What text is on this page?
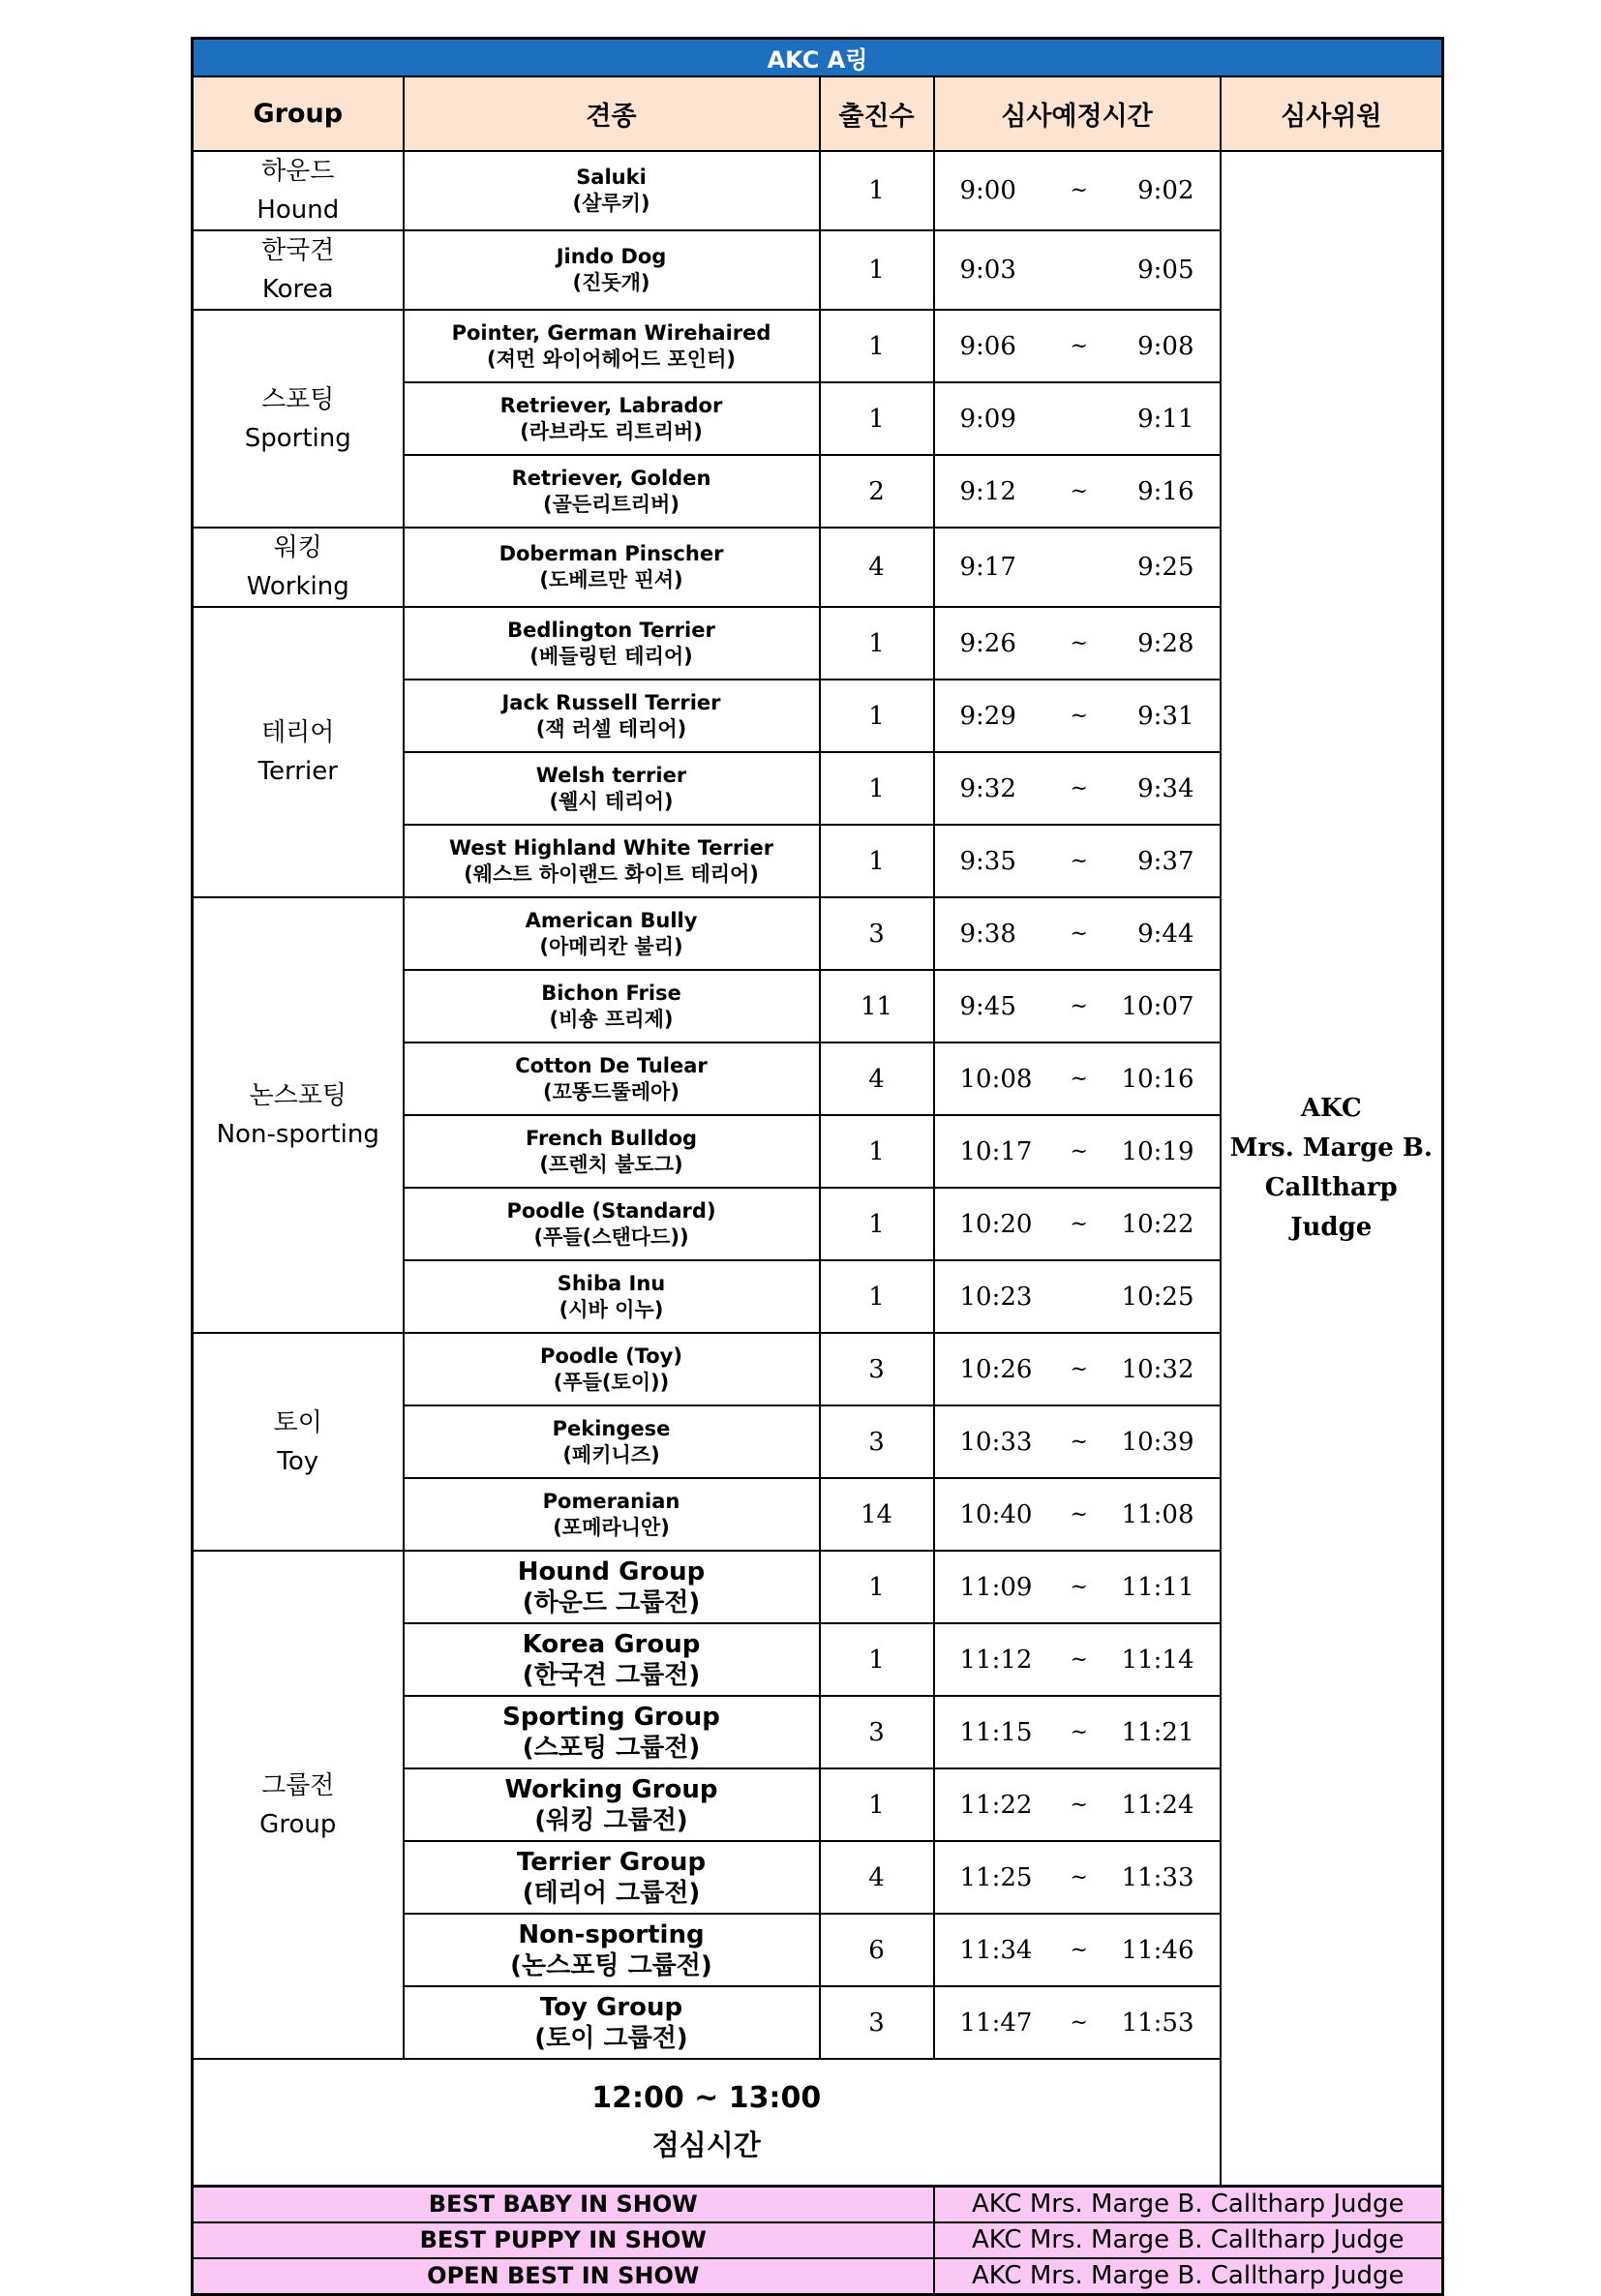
AKC A링				
Group	견종	출진수	심사예정시간	심사위원

하운드
Hound	Saluki
(살루키)	1	9:00 ~ 9:02	AKC
Mrs. Marge B.
Calltharp
Judge

한국견
Korea	Jindo Dog
(진돗개)	1	9:03 9:05	

스포팅
Sporting	Pointer, German Wirehaired
(져먼 와이어헤어드 포인터)	1	9:06 ~ 9:08	

	Retriever, Labrador
(라브라도 리트리버)	1	9:09 9:11	

	Retriever, Golden
(골든리트리버)	2	9:12 ~ 9:16	

워킹
Working	Doberman Pinscher
(도베르만 핀셔)	4	9:17 9:25	

테리어
Terrier	Bedlington Terrier
(베들링턴 테리어)	1	9:26 ~ 9:28	

	Jack Russell Terrier
(잭 러셀 테리어)	1	9:29 ~ 9:31	

	Welsh terrier
(웰시 테리어)	1	9:32 ~ 9:34	

	West Highland White Terrier
(웨스트 하이랜드 화이트 테리어)	1	9:35 ~ 9:37	

논스포팅
Non-sporting	American Bully
(아메리칸 불리)	3	9:38 ~ 9:44	

	Bichon Frise
(비숑 프리제)	11	9:45 ~ 10:07	

	Cotton De Tulear
(꼬똥드뚤레아)	4	10:08 ~ 10:16	

	French Bulldog
(프렌치 불도그)	1	10:17 ~ 10:19	

	Poodle (Standard)
(푸들(스탠다드))	1	10:20 ~ 10:22	

	Shiba Inu
(시바 이누)	1	10:23 10:25	

토이
Toy	Poodle (Toy)
(푸들(토이))	3	10:26 ~ 10:32	

	Pekingese
(페키니즈)	3	10:33 ~ 10:39	

	Pomeranian
(포메라니안)	14	10:40 ~ 11:08	

그룹전
Group	Hound Group
(하운드 그룹전)	1	11:09 ~ 11:11	

	Korea Group
(한국견 그룹전)	1	11:12 ~ 11:14	

	Sporting Group
(스포팅 그룹전)	3	11:15 ~ 11:21	

	Working Group
(워킹 그룹전)	1	11:22 ~ 11:24	

	Terrier Group
(테리어 그룹전)	4	11:25 ~ 11:33	

	Non-sporting
(논스포팅 그룹전)	6	11:34 ~ 11:46	

	Toy Group
(토이 그룹전)	3	11:47 ~ 11:53	

12:00 ~ 13:00
점심시간				

BEST BABY IN SHOW			AKC Mrs. Marge B. Calltharp Judge	
BEST PUPPY IN SHOW			AKC Mrs. Marge B. Calltharp Judge	
OPEN BEST IN SHOW			AKC Mrs. Marge B. Calltharp Judge	
